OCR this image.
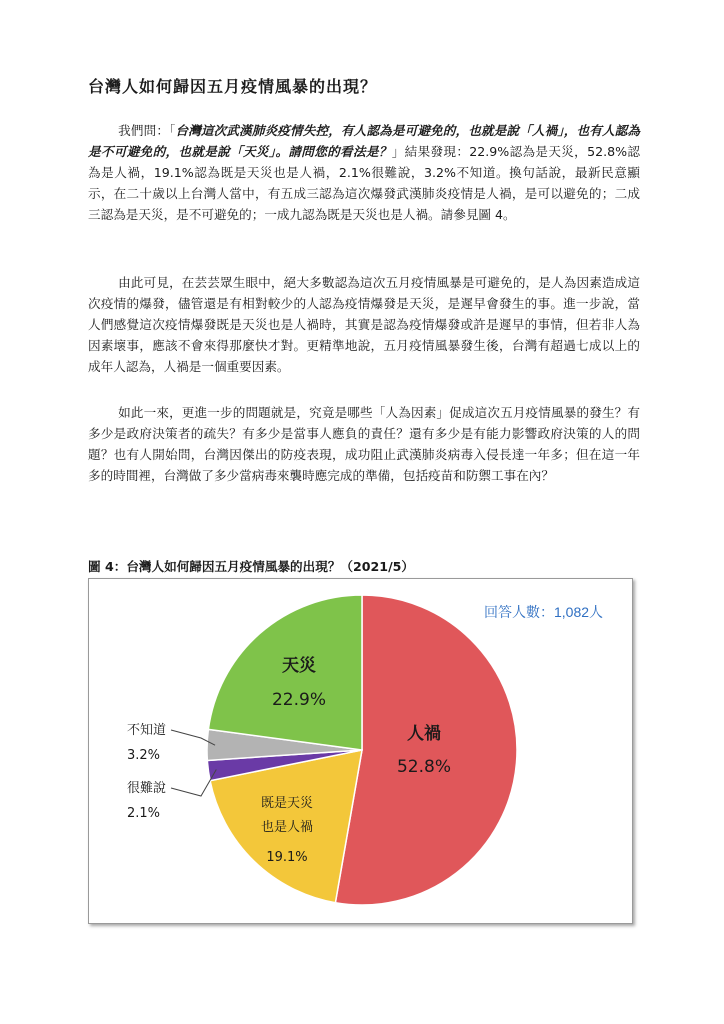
台灣人如何歸因五月疫情風暴的出現？

我們問：「台灣這次武漢肺炎疫情失控，有人認為是可避免的，也就是說「人禍」，也有人認為是不可避免的，也就是說「天災」。請問您的看法是？」結果發現：22.9%認為是天災，52.8%認為是人禍，19.1%認為既是天災也是人禍，2.1%很難說，3.2%不知道。換句話說，最新民意顯示，在二十歲以上台灣人當中，有五成三認為這次爆發武漢肺炎疫情是人禍，是可以避免的；二成三認為是天災，是不可避免的；一成九認為既是天災也是人禍。請參見圖 4。

由此可見，在芸芸眾生眼中，絕大多數認為這次五月疫情風暴是可避免的，是人為因素造成這次疫情的爆發，儘管還是有相對較少的人認為疫情爆發是天災，是遲早會發生的事。進一步說，當人們感覺這次疫情爆發既是天災也是人禍時，其實是認為疫情爆發或許是遲早的事情，但若非人為因素壞事，應該不會來得那麼快才對。更精準地說，五月疫情風暴發生後，台灣有超過七成以上的成年人認為，人禍是一個重要因素。

如此一來，更進一步的問題就是，究竟是哪些「人為因素」促成這次五月疫情風暴的發生？有多少是政府決策者的疏失？有多少是當事人應負的責任？還有多少是有能力影響政府決策的人的問題？也有人開始問，台灣因傑出的防疫表現，成功阻止武漢肺炎病毒入侵長達一年多；但在這一年多的時間裡，台灣做了多少當病毒來襲時應完成的準備，包括疫苗和防禦工事在內？

圖 4：台灣人如何歸因五月疫情風暴的出現？（2021/5）
人禍
52.8%
既是天災
也是人禍
19.1%
很難說
2.1%
不知道
3.2%
天災
22.9%
回答人數：1,082人
